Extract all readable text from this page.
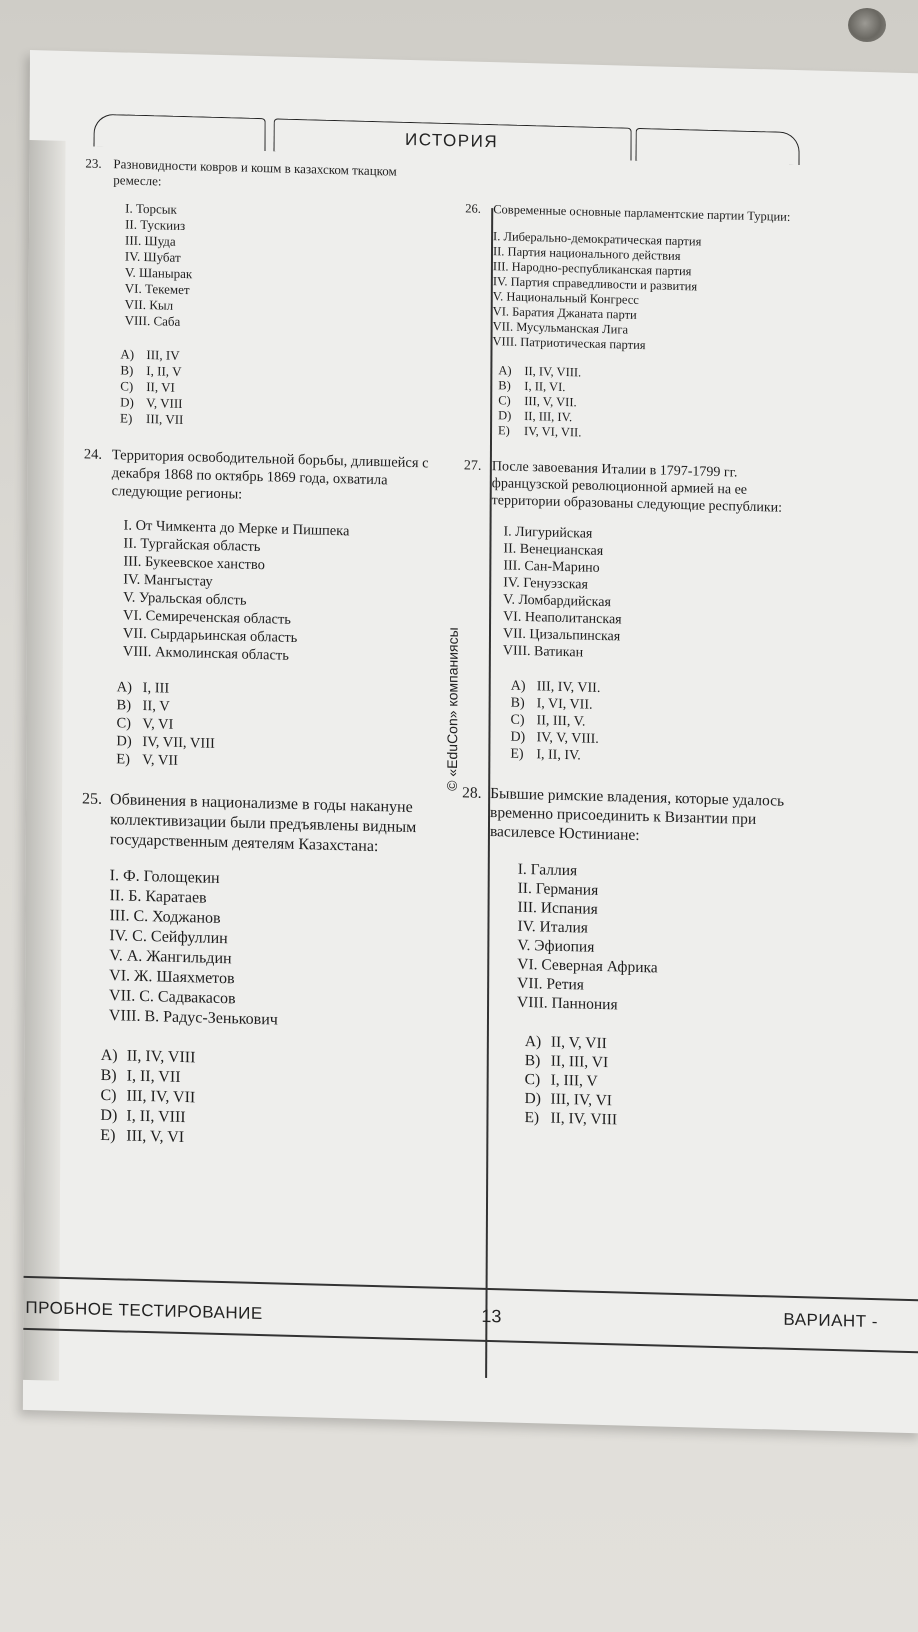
ИСТОРИЯ
23. Разновидности ковров и кошм в казахском ткацком ремесле:
I. Торсык
II. Тускииз
III. Шуда
IV. Шубат
V. Шанырак
VI. Текемет
VII. Кыл
VIII. Саба
A) III, IV
B) I, II, V
C) II, VI
D) V, VIII
E)	III, VII
24. Территория освободительной борьбы, длившейся с декабря 1868 по октябрь 1869 года, охватила следующие регионы:
I. От Чимкента до Мерке и Пишпека
II. Тургайская область
III. Букеевское ханство
IV. Мангыстау
V. Уральская облсть
VI. Семиреченская область
VII. Сырдарьинская область
VIII. Акмолинская область
A) I, III
B) II, V
C) V, VI
D) IV, VII, VIII
E) V, VII
25. Обвинения в национализме в годы накануне коллективизации были предъявлены видным государственным деятелям Казахстана:
I. Ф. Голощекин
II. Б. Каратаев
III. С. Ходжанов
IV. С. Сейфуллин
V. А. Жангильдин
VI. Ж. Шаяхметов
VII. С. Садвакасов
VIII. В. Радус-Зенькович
A) II, IV, VIII
B) I, II, VII
C) III, IV, VII
D) I, II, VIII
E) III, V, VI
© «EduCon» компаниясы
26. Современные основные парламентские партии Турции:
I. Либерально-демократическая партия
II. Партия национального действия
III. Народно-республиканская партия
IV. Партия справедливости и развития
V. Национальный Конгресс
VI. Баратия Джаната парти
VII. Мусульманская Лига
VIII. Патриотическая партия
A)	II, IV, VIII.
B)	I, II, VI.
C)	III, V, VII.
D)	II, III, IV.
E)	IV, VI, VII.
27. После завоевания Италии в 1797-1799 гг. французской революционной армией на ее территории образованы следующие республики:
I. Лигурийская
II. Венецианская
III. Сан-Марино
IV. Генуэзская
V. Ломбардийская
VI. Неаполитанская
VII. Цизальпинская
VIII. Ватикан
A) III, IV, VII.
B) I, VI, VII.
C) II, III, V.
D) IV, V, VIII.
E) I, II, IV.
28. Бывшие римские владения, которые удалось временно присоединить к Византии при василевсе Юстиниане:
I. Галлия
II. Германия
III. Испания
IV. Италия
V. Эфиопия
VI. Северная Африка
VII. Ретия
VIII. Паннония
A) II, V, VII
B) II, III, VI
C) I, III, V
D) III, IV, VI
E) II, IV, VIII
ПРОБНОЕ ТЕСТИРОВАНИЕ	13	ВАРИАНТ -
